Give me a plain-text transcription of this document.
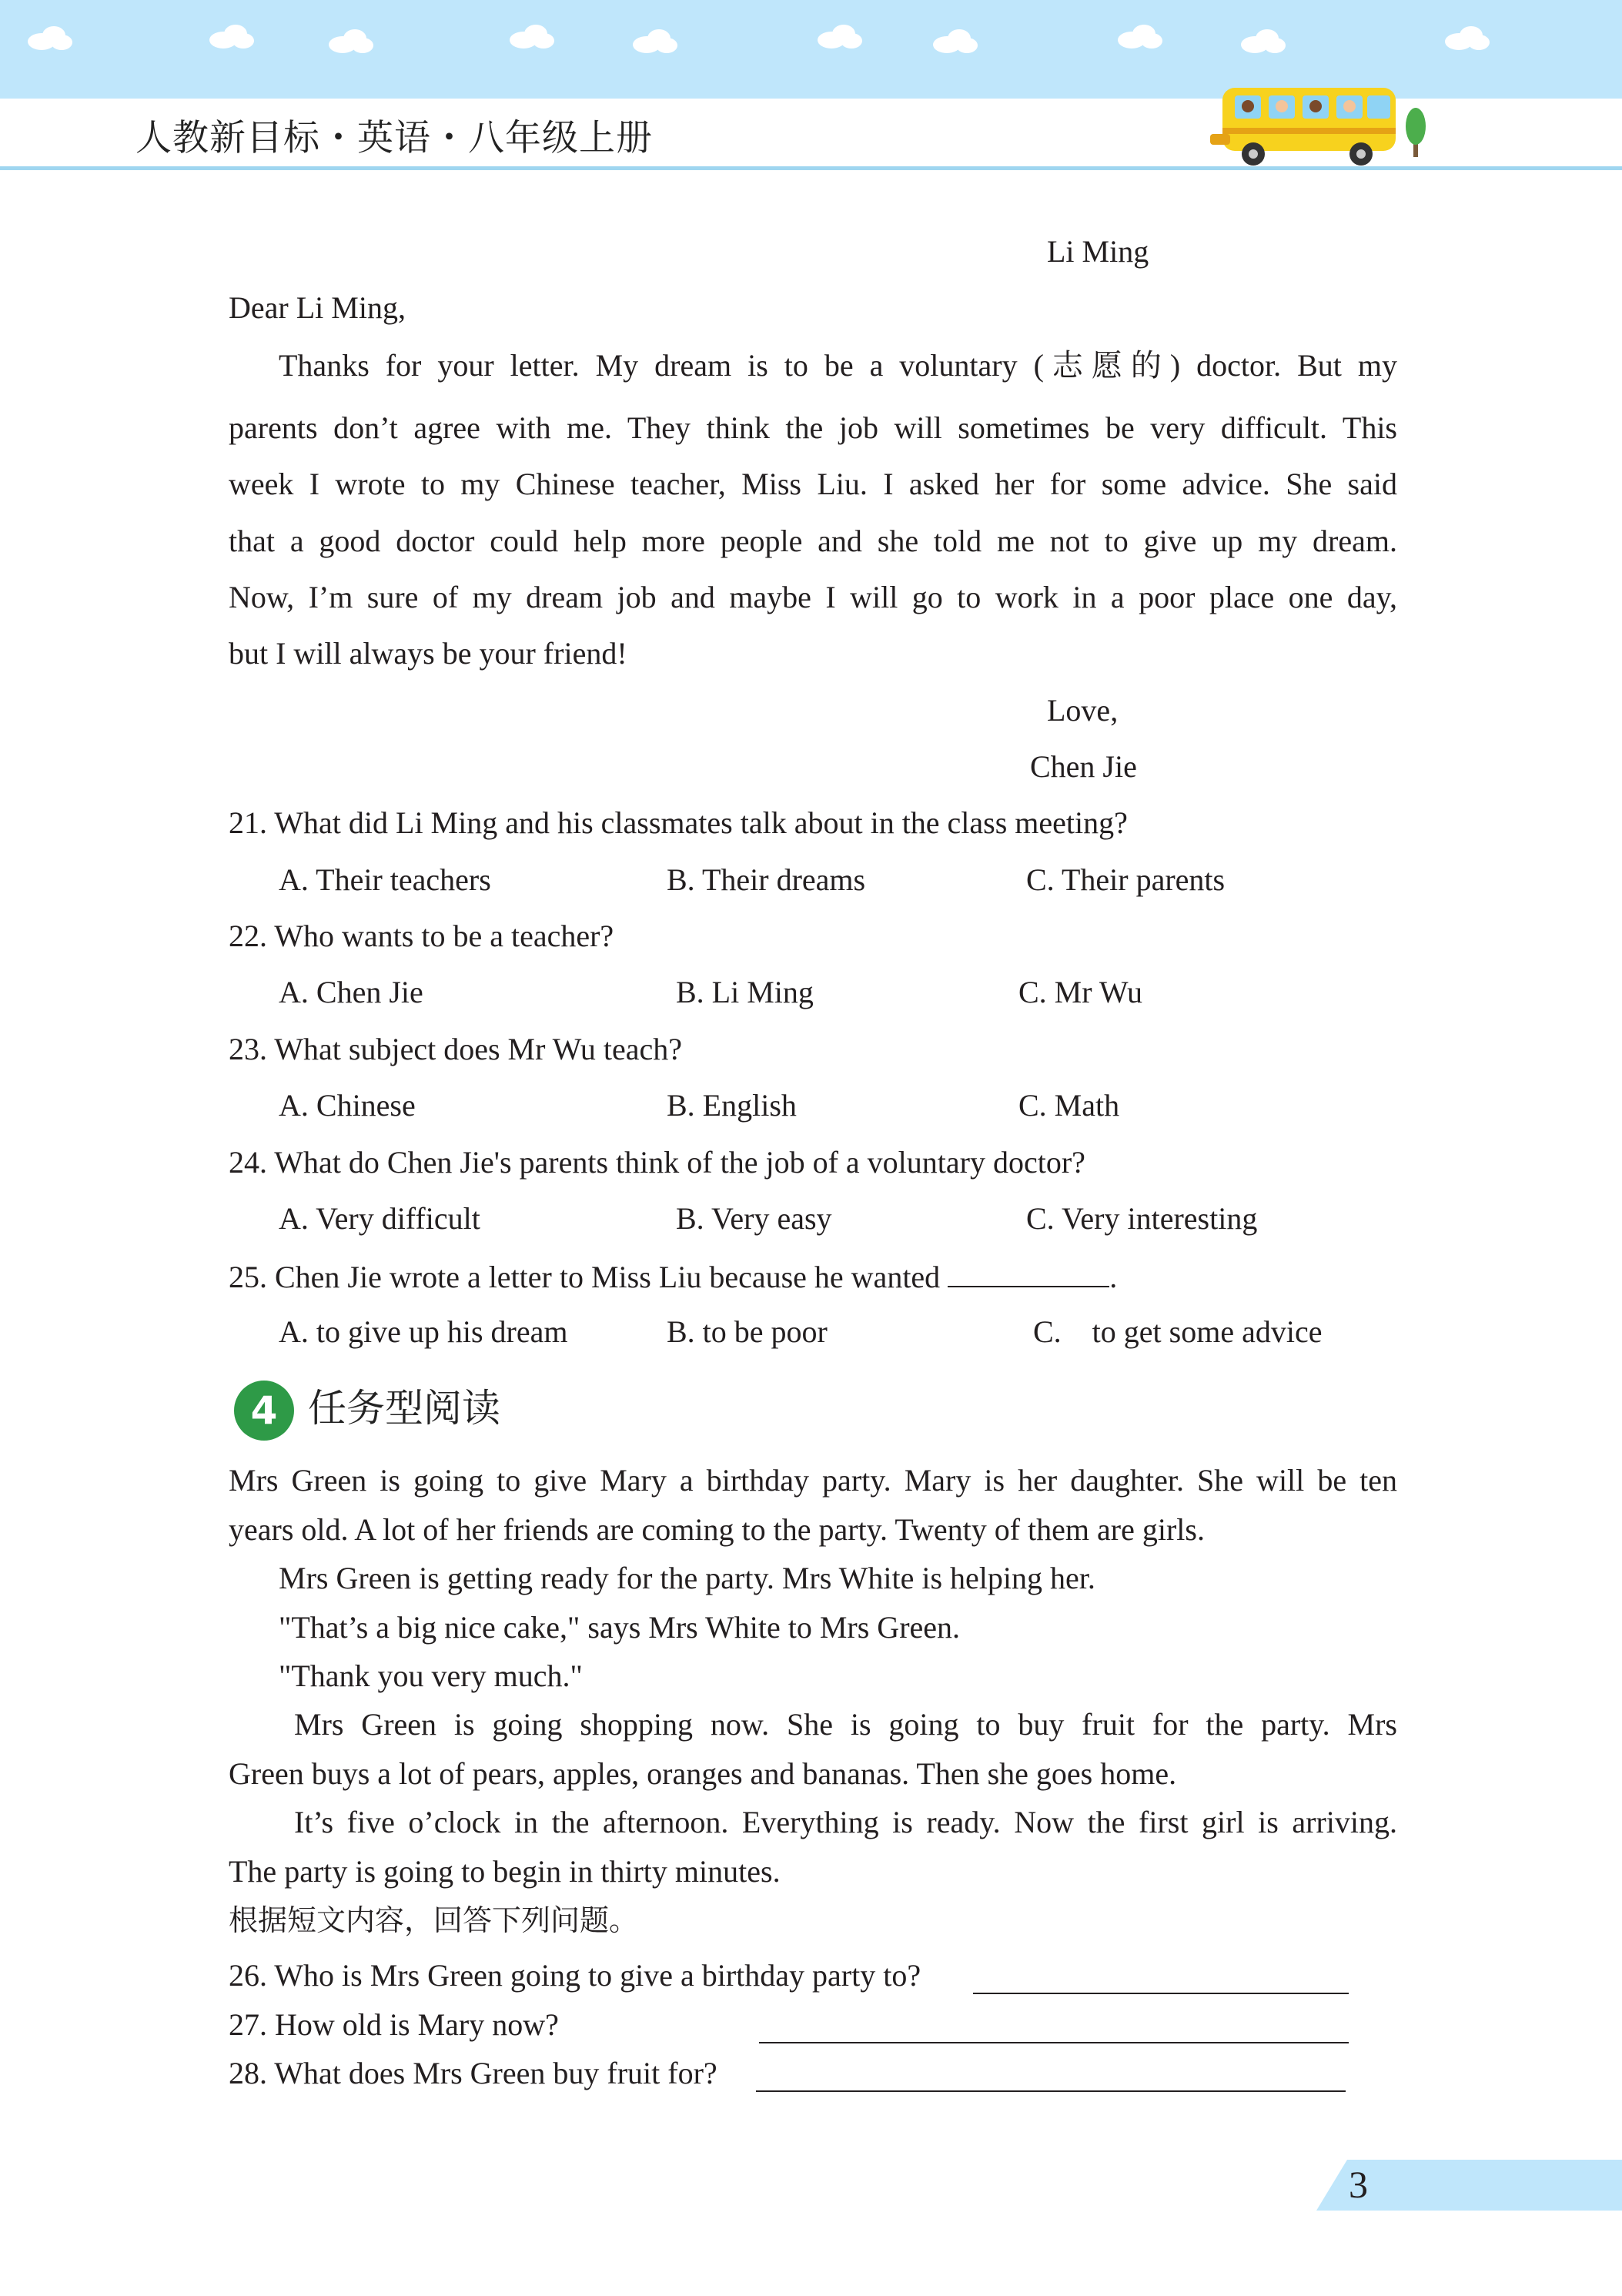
人教新目标・英语・八年级上册
Li Ming
Dear Li Ming,
Thanks for your letter. My dream is to be a voluntary (志愿的) doctor. But my
parents don’t agree with me. They think the job will sometimes be very difficult. This
week I wrote to my Chinese teacher, Miss Liu. I asked her for some advice. She said
that a good doctor could help more people and she told me not to give up my dream.
Now, I’m sure of my dream job and maybe I will go to work in a poor place one day,
but I will always be your friend!
Love,
Chen Jie
21. What did Li Ming and his classmates talk about in the class meeting?
A. Their teachers	B. Their dreams	C. Their parents
22. Who wants to be a teacher?
A. Chen Jie	B. Li Ming	C. Mr Wu
23. What subject does Mr Wu teach?
A. Chinese	B. English	C. Math
24. What do Chen Jie's parents think of the job of a voluntary doctor?
A. Very difficult	B. Very easy	C. Very interesting
25. Chen Jie wrote a letter to Miss Liu because he wanted	.
A. to give up his dream	B. to be poor	C.    to get some advice
4 任务型阅读
Mrs Green is going to give Mary a birthday party. Mary is her daughter. She will be ten
years old. A lot of her friends are coming to the party. Twenty of them are girls.
Mrs Green is getting ready for the party. Mrs White is helping her.
"That’s a big nice cake," says Mrs White to Mrs Green.
"Thank you very much."
Mrs Green is going shopping now. She is going to buy fruit for the party. Mrs
Green buys a lot of pears, apples, oranges and bananas. Then she goes home.
It’s five o’clock in the afternoon. Everything is ready. Now the first girl is arriving.
The party is going to begin in thirty minutes.
根据短文内容，回答下列问题。
26. Who is Mrs Green going to give a birthday party to?
27. How old is Mary now?
28. What does Mrs Green buy fruit for?
3
